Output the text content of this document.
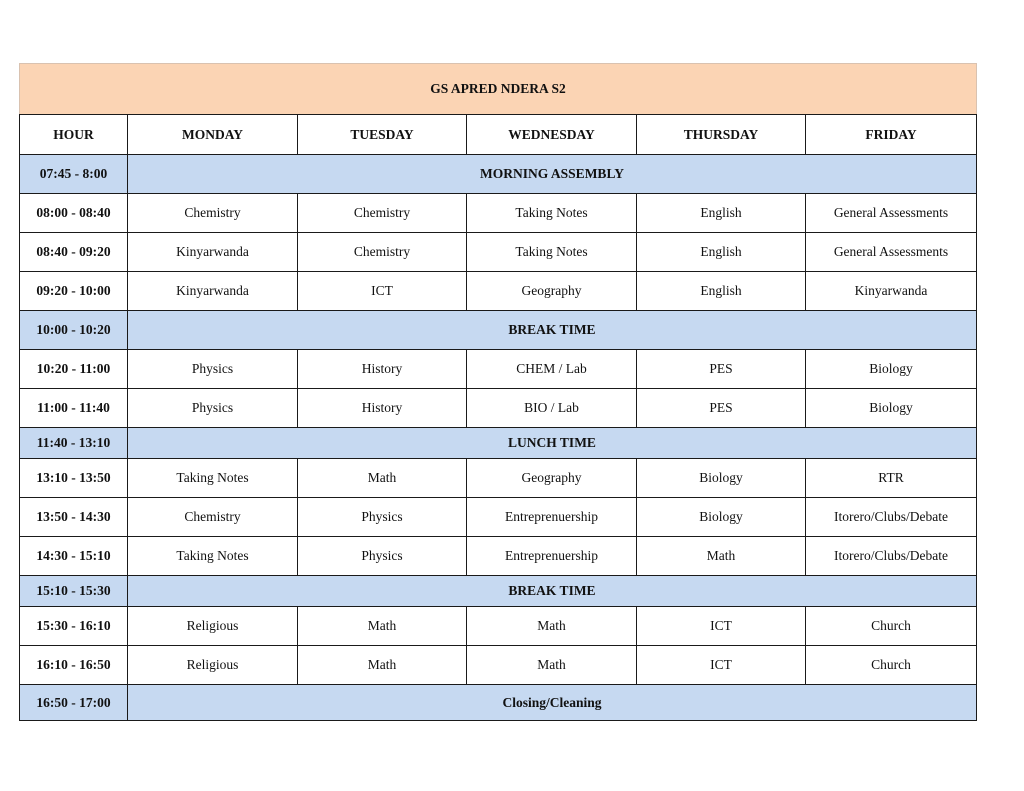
GS APRED NDERA S2					
HOUR	MONDAY	TUESDAY	WEDNESDAY	THURSDAY	FRIDAY
07:45 - 8:00	MORNING ASSEMBLY				
08:00 - 08:40	Chemistry	Chemistry	Taking Notes	English	General Assessments
08:40 - 09:20	Kinyarwanda	Chemistry	Taking Notes	English	General Assessments
09:20 - 10:00	Kinyarwanda	ICT	Geography	English	Kinyarwanda
10:00 - 10:20	BREAK TIME				
10:20 - 11:00	Physics	History	CHEM / Lab	PES	Biology
11:00 - 11:40	Physics	History	BIO / Lab	PES	Biology
11:40 - 13:10	LUNCH TIME				
13:10 - 13:50	Taking Notes	Math	Geography	Biology	RTR
13:50 - 14:30	Chemistry	Physics	Entreprenuership	Biology	Itorero/Clubs/Debate
14:30 - 15:10	Taking Notes	Physics	Entreprenuership	Math	Itorero/Clubs/Debate
15:10 - 15:30	BREAK TIME				
15:30 - 16:10	Religious	Math	Math	ICT	Church
16:10 - 16:50	Religious	Math	Math	ICT	Church
16:50 - 17:00	Closing/Cleaning				
